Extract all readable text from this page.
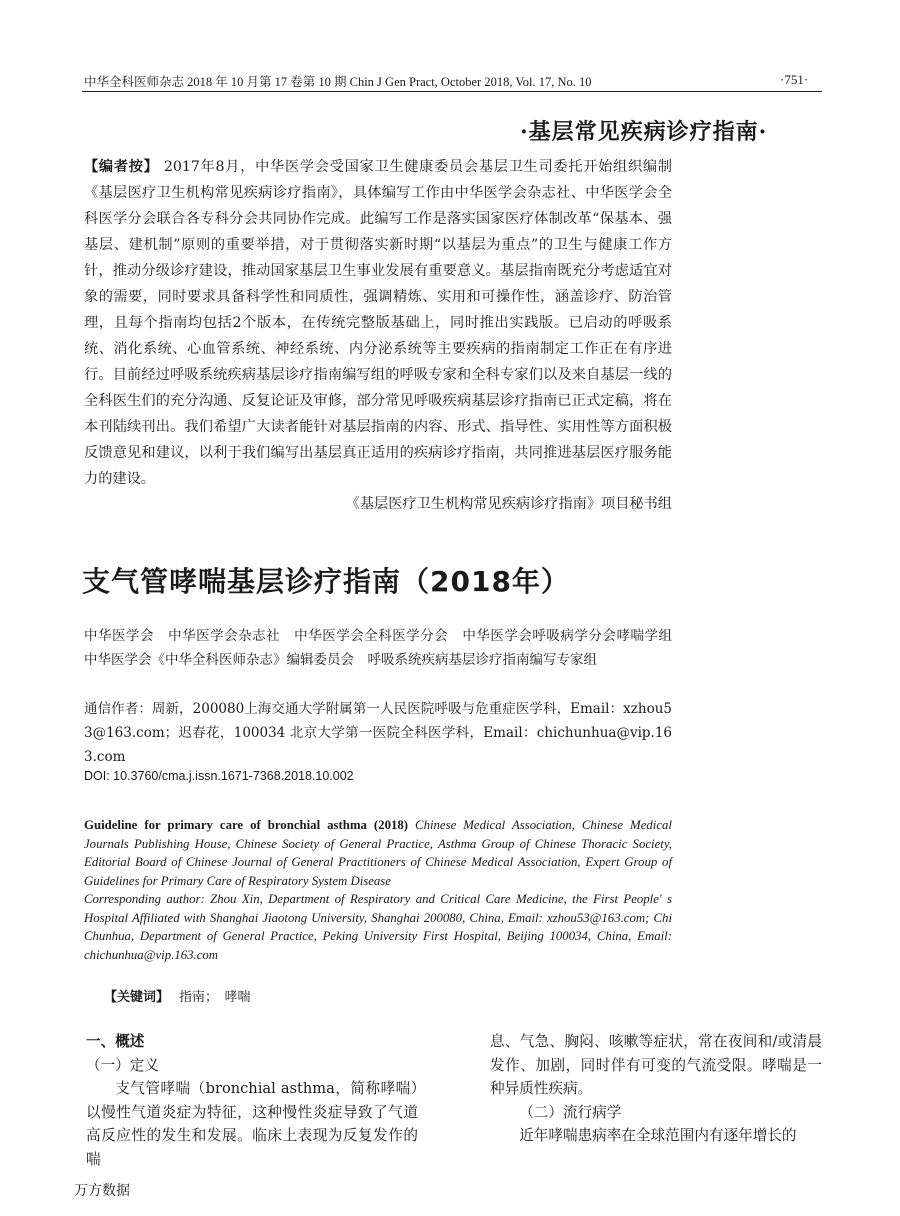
中华全科医师杂志 2018 年 10 月第 17 卷第 10 期 Chin J Gen Pract, October 2018, Vol. 17, No. 10	·751·
·基层常见疾病诊疗指南·

【编者按】 2017年8月，中华医学会受国家卫生健康委员会基层卫生司委托开始组织编制《基层医疗卫生机构常见疾病诊疗指南》，具体编写工作由中华医学会杂志社、中华医学会全科医学分会联合各专科分会共同协作完成。此编写工作是落实国家医疗体制改革“保基本、强基层、建机制”原则的重要举措，对于贯彻落实新时期“以基层为重点”的卫生与健康工作方针，推动分级诊疗建设，推动国家基层卫生事业发展有重要意义。基层指南既充分考虑适宜对象的需要，同时要求具备科学性和同质性，强调精炼、实用和可操作性，涵盖诊疗、防治管理，且每个指南均包括2个版本，在传统完整版基础上，同时推出实践版。已启动的呼吸系统、消化系统、心血管系统、神经系统、内分泌系统等主要疾病的指南制定工作正在有序进行。目前经过呼吸系统疾病基层诊疗指南编写组的呼吸专家和全科专家们以及来自基层一线的全科医生们的充分沟通、反复论证及审修，部分常见呼吸疾病基层诊疗指南已正式定稿，将在本刊陆续刊出。我们希望广大读者能针对基层指南的内容、形式、指导性、实用性等方面积极反馈意见和建议，以利于我们编写出基层真正适用的疾病诊疗指南，共同推进基层医疗服务能力的建设。

《基层医疗卫生机构常见疾病诊疗指南》项目秘书组
支气管哮喘基层诊疗指南（2018年）

中华医学会　中华医学会杂志社　中华医学会全科医学分会　中华医学会呼吸病学分会哮喘学组　中华医学会《中华全科医师杂志》编辑委员会　呼吸系统疾病基层诊疗指南编写专家组

通信作者：周新，200080上海交通大学附属第一人民医院呼吸与危重症医学科，Email：xzhou53@163.com；迟春花，100034 北京大学第一医院全科医学科，Email：chichunhua@vip.163.com

DOI: 10.3760/cma.j.issn.1671-7368.2018.10.002

Guideline for primary care of bronchial asthma (2018) Chinese Medical Association, Chinese Medical Journals Publishing House, Chinese Society of General Practice, Asthma Group of Chinese Thoracic Society, Editorial Board of Chinese Journal of General Practitioners of Chinese Medical Association, Expert Group of Guidelines for Primary Care of Respiratory System Disease
Corresponding author: Zhou Xin, Department of Respiratory and Critical Care Medicine, the First People' s Hospital Affiliated with Shanghai Jiaotong University, Shanghai 200080, China, Email: xzhou53@163.com; Chi Chunhua, Department of General Practice, Peking University First Hospital, Beijing 100034, China, Email: chichunhua@vip.163.com

【关键词】 指南；　哮喘

一、概述

（一）定义

支气管哮喘（bronchial asthma，简称哮喘）以慢性气道炎症为特征，这种慢性炎症导致了气道高反应性的发生和发展。临床上表现为反复发作的喘

息、气急、胸闷、咳嗽等症状，常在夜间和/或清晨发作、加剧，同时伴有可变的气流受限。哮喘是一种异质性疾病。

（二）流行病学

近年哮喘患病率在全球范围内有逐年增长的

万方数据
